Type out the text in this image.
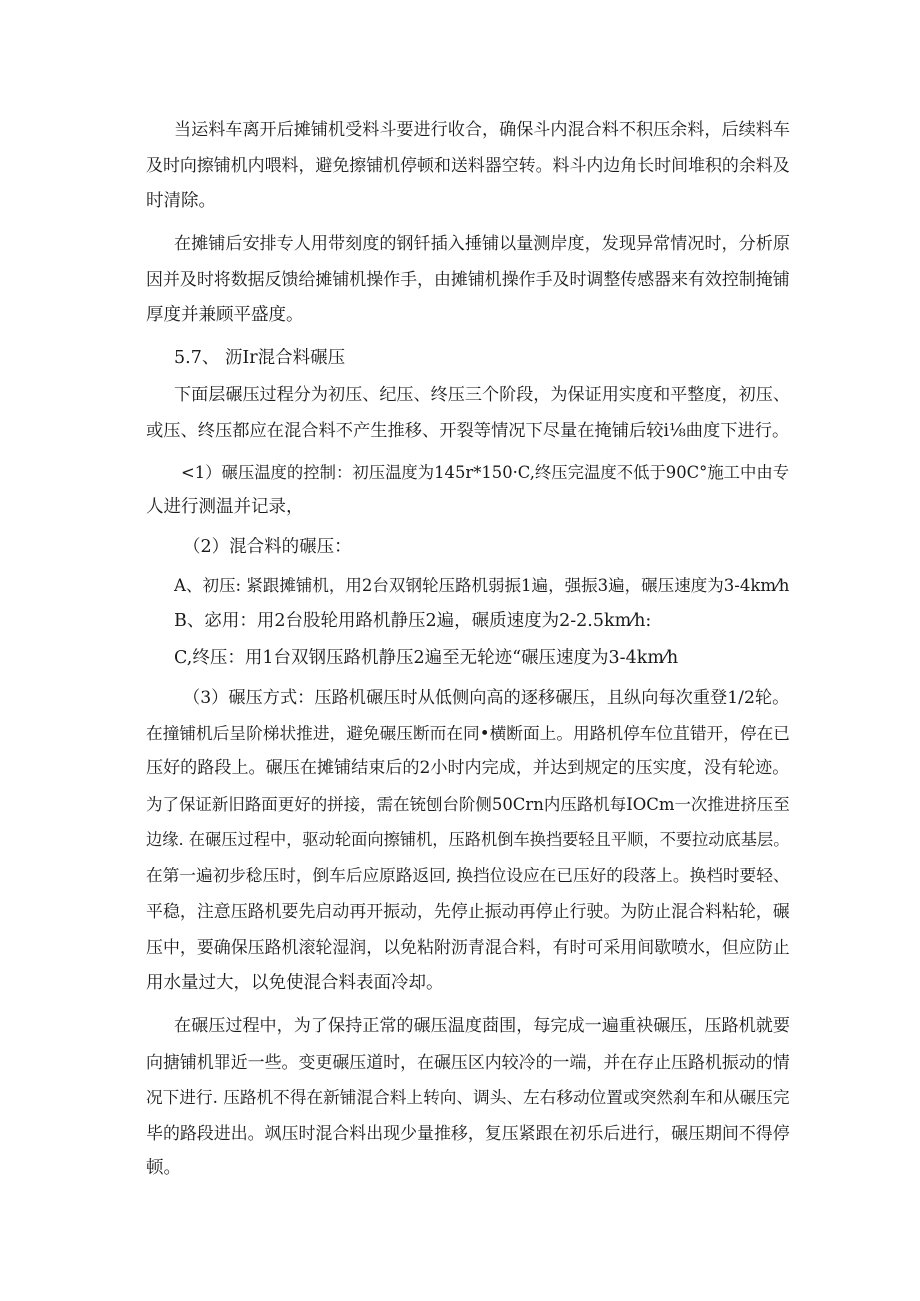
当运料车离开后摊铺机受料斗要进行收合，确保斗内混合料不积压余料，后续料车
及时向擦铺机内喂料，避免擦铺机停顿和送料器空转。料斗内边角长时间堆积的余料及
时清除。
在摊铺后安排专人用带刻度的钢钎插入捶铺以量测岸度，发现异常情况时，分析原
因并及时将数据反馈给摊铺机操作手，由摊铺机操作手及时调整传感器来有效控制掩铺
厚度并兼顾平盛度。
5.7、 沥Ir混合料碾压
下面层碾压过程分为初压、纪压、终压三个阶段，为保证用实度和平整度，初压、
或压、终压都应在混合料不产生推移、开裂等情况下尽量在掩铺后较i⅛曲度下进行。
<1）碾压温度的控制：初压温度为145r*150·C,终压完温度不低于90C°施工中由专
人进行测温并记录，
（2）混合料的碾压：
A、初压: 紧跟摊铺机，用2台双钢轮压路机弱振1遍，强振3遍，碾压速度为3-4km⁄h
B、宓用：用2台股轮用路机静压2遍，碾质速度为2-2.5km⁄h:
C,终压：用1台双钢压路机静压2遍至无轮迹“碾压速度为3-4km⁄h
（3）碾压方式：压路机碾压时从低侧向高的逐移碾压，且纵向每次重登1/2轮。
在撞铺机后呈阶梯状推进，避免碾压断而在同•横断面上。用路机停车位苴错开，停在已
压好的路段上。碾压在摊铺结束后的2小时内完成，并达到规定的压实度，没有轮迹。
为了保证新旧路面更好的拼接，需在铳刨台阶侧50Crn内压路机每IOCm一次推进挤压至
边缘. 在碾压过程中，驱动轮面向擦铺机，压路机倒车换挡要轻且平顺，不要拉动底基层。
在第一遍初步稔压时，倒车后应原路返回, 换挡位设应在已压好的段落上。换档时要轻、
平稳，注意压路机要先启动再开振动，先停止振动再停止行驶。为防止混合料粘轮，碾
压中，要确保压路机滚轮湿润，以免粘附沥青混合料，有时可采用间歇喷水，但应防止
用水量过大，以免使混合料表面冷却。
在碾压过程中，为了保持正常的碾压温度莔围，每完成一遍重袂碾压，压路机就要
向搪铺机罪近一些。变更碾压道时，在碾压区内较冷的一端，并在存止压路机振动的情
况下进行. 压路机不得在新铺混合料上转向、调头、左右移动位置或突然刹车和从碾压完
毕的路段进出。飒压时混合料出现少量推移，复压紧跟在初乐后进行，碾压期间不得停
顿。
